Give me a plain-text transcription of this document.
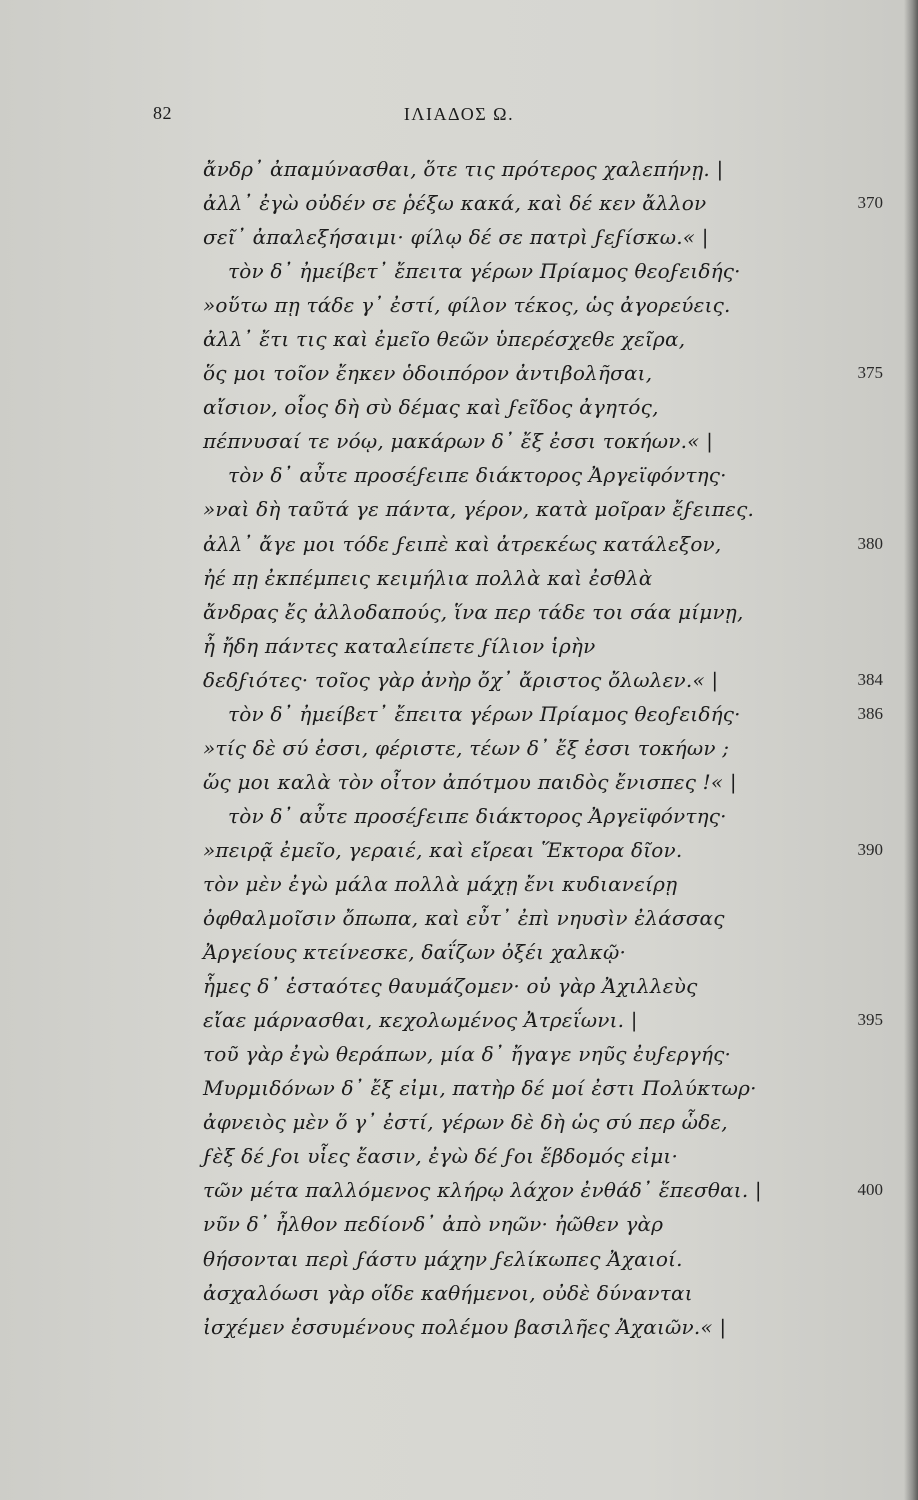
82	ΙΛΙΑΔΟΣ Ω.
ἄνδρ᾽ ἀπαμύνασθαι, ὅτε τις πρότερος χαλεπήνῃ. |
ἀλλ᾽ ἐγὼ οὐδέν σε ῥέξω κακά, καὶ δέ κεν ἄλλον	370
σεῖ᾽ ἀπαλεξήσαιμι· φίλῳ δέ σε πατρὶ ϝεϝίσκω.« |
τὸν δ᾽ ἠμείβετ᾽ ἔπειτα γέρων Πρίαμος θεοϝειδής·
»οὕτω πῃ τάδε γ᾽ ἐστί, φίλον τέκος, ὡς ἀγορεύεις.
ἀλλ᾽ ἔτι τις καὶ ἐμεῖο θεῶν ὑπερέσχεθε χεῖρα,
ὅς μοι τοῖον ἔηκεν ὁδοιπόρον ἀντιβολῆσαι,	375
αἴσιον, οἷος δὴ σὺ δέμας καὶ ϝεῖδος ἀγητός,
πέπνυσαί τε νόῳ, μακάρων δ᾽ ἔξ ἐσσι τοκήων.« |
τὸν δ᾽ αὖτε προσέϝειπε διάκτορος Ἀργεϊφόντης·
»ναὶ δὴ ταῦτά γε πάντα, γέρον, κατὰ μοῖραν ἔϝειπες.
ἀλλ᾽ ἄγε μοι τόδε ϝειπὲ καὶ ἀτρεκέως κατάλεξον,	380
ἠέ πῃ ἐκπέμπεις κειμήλια πολλὰ καὶ ἐσθλὰ
ἄνδρας ἔς ἀλλοδαπούς, ἵνα περ τάδε τοι σάα μίμνῃ,
ἦ ἤδη πάντες καταλείπετε ϝίλιον ἱρὴν
δεδϝιότες· τοῖος γὰρ ἀνὴρ ὄχ᾽ ἄριστος ὄλωλεν.« |	384
τὸν δ᾽ ἠμείβετ᾽ ἔπειτα γέρων Πρίαμος θεοϝειδής·	386
»τίς δὲ σύ ἐσσι, φέριστε, τέων δ᾽ ἔξ ἐσσι τοκήων ;
ὥς μοι καλὰ τὸν οἶτον ἀπότμου παιδὸς ἔνισπες !« |
τὸν δ᾽ αὖτε προσέϝειπε διάκτορος Ἀργεϊφόντης·
»πειρᾷ ἐμεῖο, γεραιέ, καὶ εἴρεαι Ἕκτορα δῖον.	390
τὸν μὲν ἐγὼ μάλα πολλὰ μάχῃ ἔνι κυδιανείρῃ
ὀφθαλμοῖσιν ὄπωπα, καὶ εὖτ᾽ ἐπὶ νηυσὶν ἐλάσσας
Ἀργείους κτείνεσκε, δαΐζων ὀξέι χαλκῷ·
ἧμες δ᾽ ἑσταότες θαυμάζομεν· οὐ γὰρ Ἀχιλλεὺς
εἴαε μάρνασθαι, κεχολωμένος Ἀτρεΐωνι. |	395
τοῦ γὰρ ἐγὼ θεράπων, μία δ᾽ ἤγαγε νηῦς ἐυϝεργής·
Μυρμιδόνων δ᾽ ἔξ εἰμι, πατὴρ δέ μοί ἐστι Πολύκτωρ·
ἀφνειὸς μὲν ὅ γ᾽ ἐστί, γέρων δὲ δὴ ὡς σύ περ ὧδε,
ϝὲξ δέ ϝοι υἷες ἔασιν, ἐγὼ δέ ϝοι ἕβδομός εἰμι·
τῶν μέτα παλλόμενος κλήρῳ λάχον ἐνθάδ᾽ ἕπεσθαι. |	400
νῦν δ᾽ ἦλθον πεδίονδ᾽ ἀπὸ νηῶν· ἠῶθεν γὰρ
θήσονται περὶ ϝάστυ μάχην ϝελίκωπες Ἀχαιοί.
ἀσχαλόωσι γὰρ οἵδε καθήμενοι, οὐδὲ δύνανται
ἰσχέμεν ἐσσυμένους πολέμου βασιλῆες Ἀχαιῶν.« |
